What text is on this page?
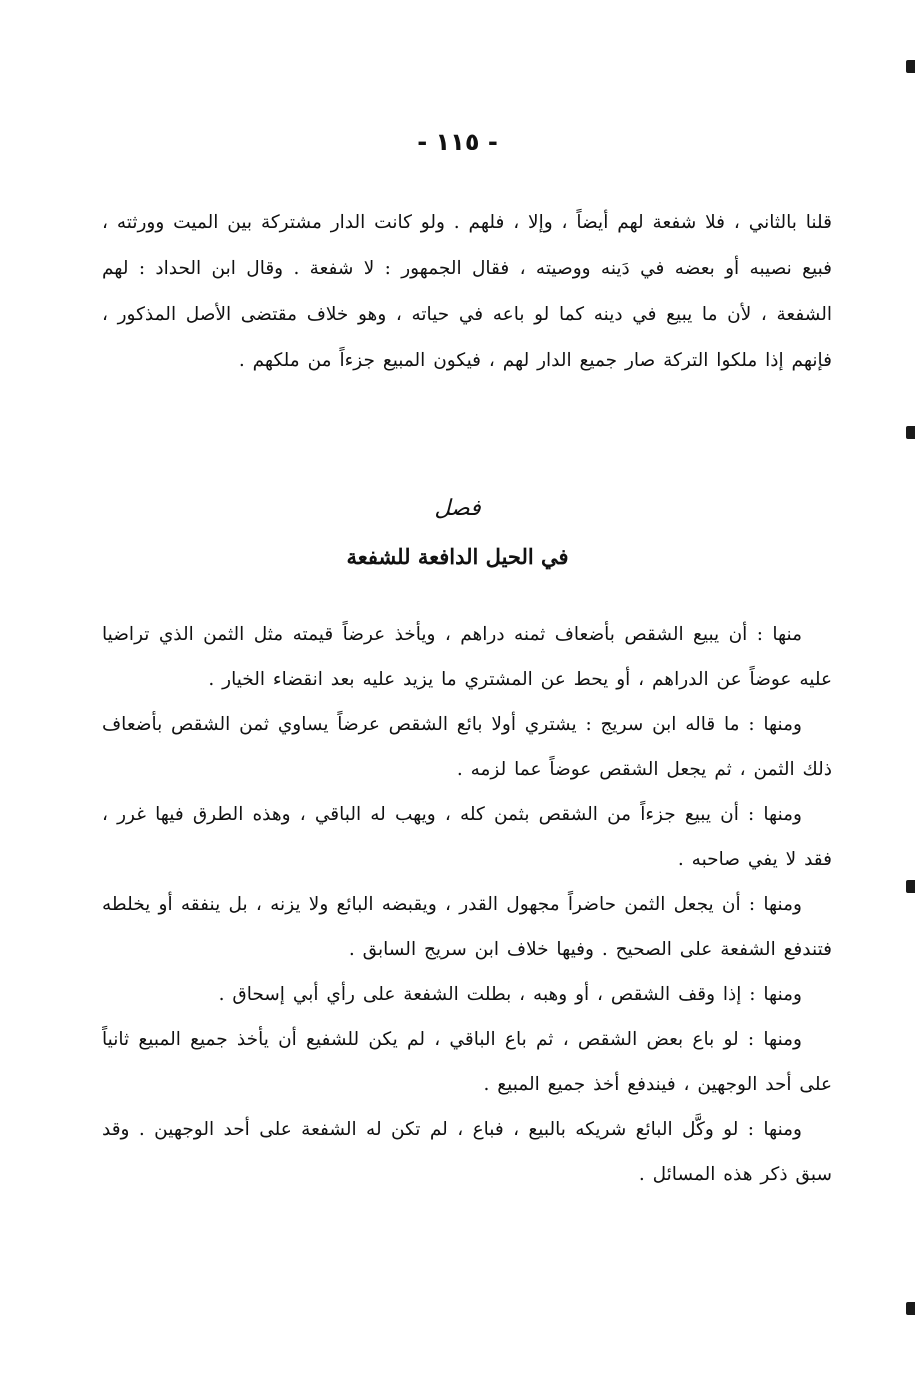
- ١١٥ -

قلنا بالثاني ، فلا شفعة لهم أيضاً ، وإلا ، فلهم . ولو كانت الدار مشتركة بين الميت وورثته ، فبيع نصيبه أو بعضه في دَينه ووصيته ، فقال الجمهور : لا شفعة . وقال ابن الحداد : لهم الشفعة ، لأن ما يبيع في دينه كما لو باعه في حياته ، وهو خلاف مقتضى الأصل المذكور ، فإنهم إذا ملكوا التركة صار جميع الدار لهم ، فيكون المبيع جزءاً من ملكهم .

فصل
في الحيل الدافعة للشفعة

منها : أن يبيع الشقص بأضعاف ثمنه دراهم ، ويأخذ عرضاً قيمته مثل الثمن الذي تراضيا عليه عوضاً عن الدراهم ، أو يحط عن المشتري ما يزيد عليه بعد انقضاء الخيار .

ومنها : ما قاله ابن سريج : يشتري أولا بائع الشقص عرضاً يساوي ثمن الشقص بأضعاف ذلك الثمن ، ثم يجعل الشقص عوضاً عما لزمه .

ومنها : أن يبيع جزءاً من الشقص بثمن كله ، ويهب له الباقي ، وهذه الطرق فيها غرر ، فقد لا يفي صاحبه .

ومنها : أن يجعل الثمن حاضراً مجهول القدر ، ويقبضه البائع ولا يزنه ، بل ينفقه أو يخلطه فتندفع الشفعة على الصحيح . وفيها خلاف ابن سريج السابق .

ومنها : إذا وقف الشقص ، أو وهبه ، بطلت الشفعة على رأي أبي إسحاق .

ومنها : لو باع بعض الشقص ، ثم باع الباقي ، لم يكن للشفيع أن يأخذ جميع المبيع ثانياً على أحد الوجهين ، فيندفع أخذ جميع المبيع .

ومنها : لو وكَّل البائع شريكه بالبيع ، فباع ، لم تكن له الشفعة على أحد الوجهين . وقد سبق ذكر هذه المسائل .
